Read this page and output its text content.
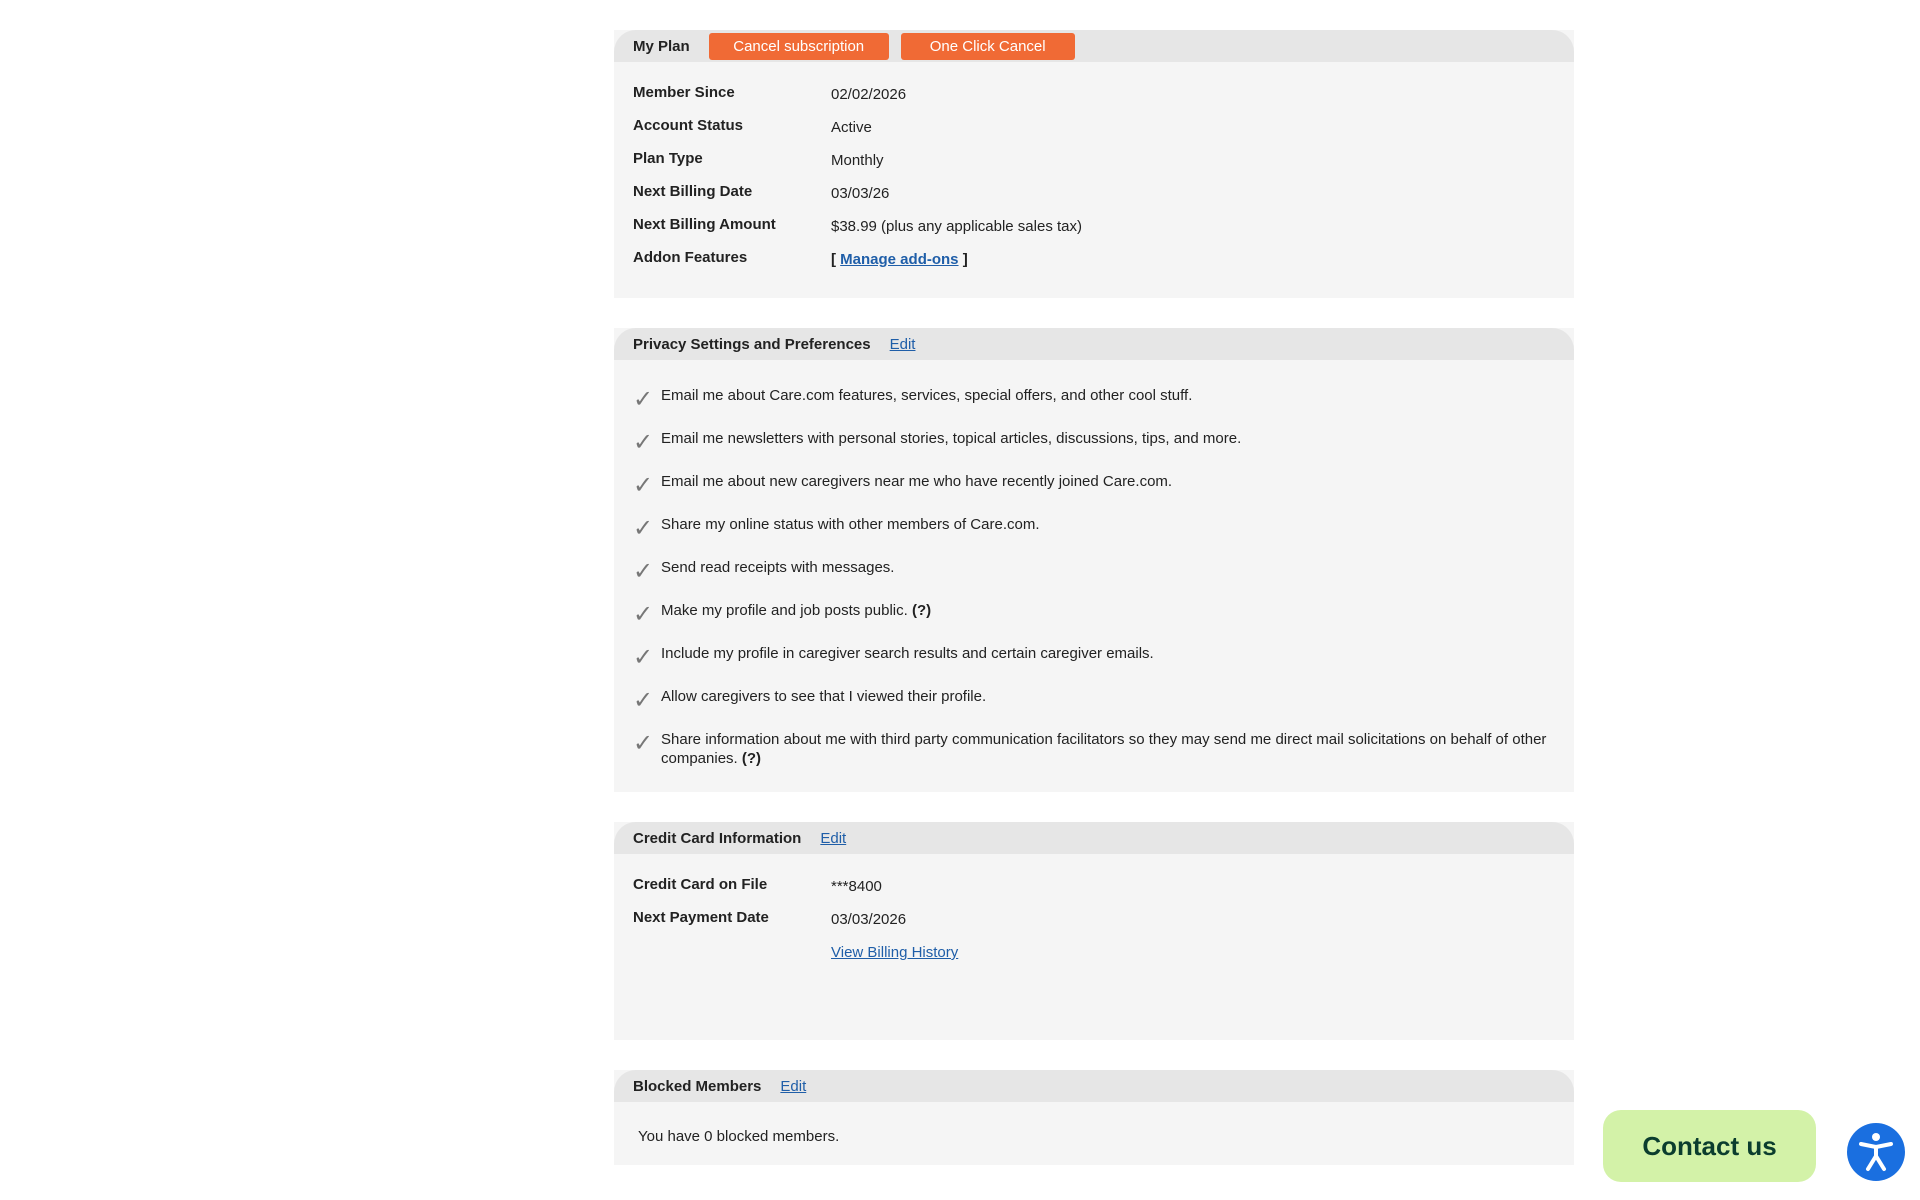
My Plan	Cancel subscription	One Click Cancel
Member Since	02/02/2026
Account Status	Active
Plan Type	Monthly
Next Billing Date	03/03/26
Next Billing Amount	$38.99 (plus any applicable sales tax)
Addon Features	[ Manage add-ons ]
Privacy Settings and Preferences Edit
✓ Email me about Care.com features, services, special offers, and other cool stuff.
✓ Email me newsletters with personal stories, topical articles, discussions, tips, and more.
✓ Email me about new caregivers near me who have recently joined Care.com.
✓ Share my online status with other members of Care.com.
✓ Send read receipts with messages.
✓ Make my profile and job posts public. (?)
✓ Include my profile in caregiver search results and certain caregiver emails.
✓ Allow caregivers to see that I viewed their profile.
✓ Share information about me with third party communication facilitators so they may send me direct mail solicitations on behalf of other companies. (?)
Credit Card Information Edit
Credit Card on File	***8400
Next Payment Date	03/03/2026
View Billing History
Blocked Members Edit
You have 0 blocked members.	Contact us
